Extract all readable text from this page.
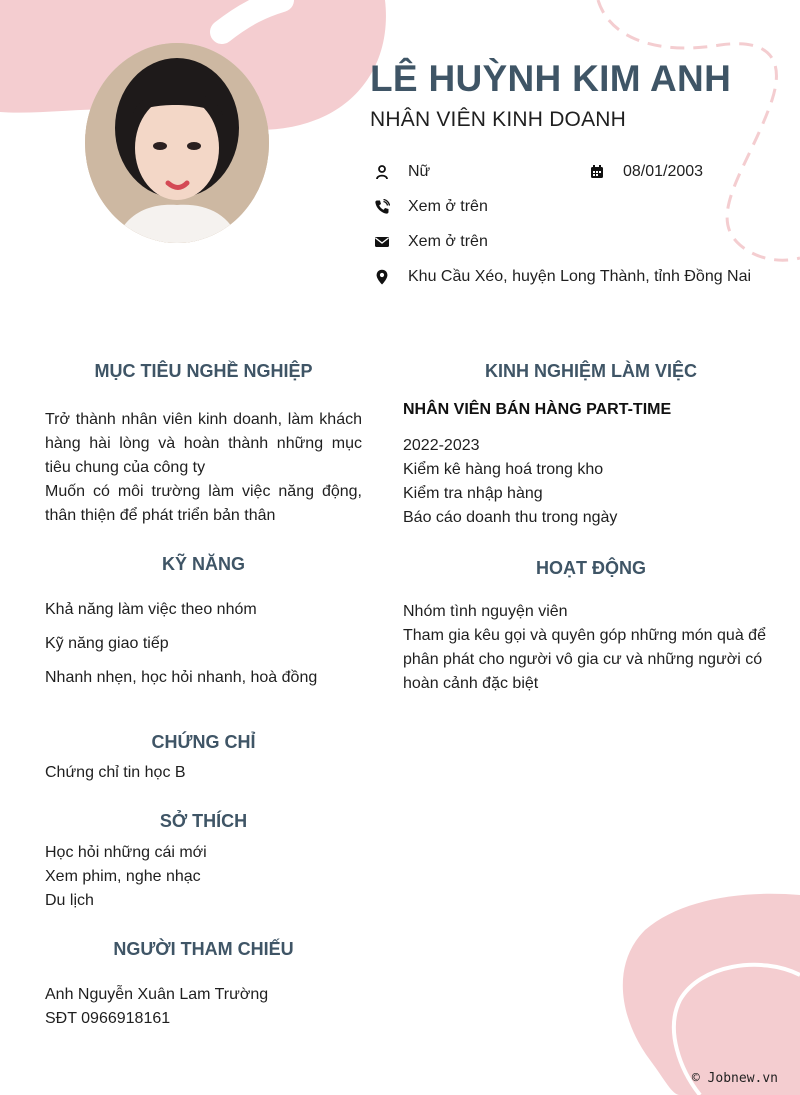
LÊ HUỲNH KIM ANH
NHÂN VIÊN KINH DOANH
Nữ	08/01/2003
Xem ở trên
Xem ở trên
Khu Cầu Xéo, huyện Long Thành, tỉnh Đồng Nai
MỤC TIÊU NGHỀ NGHIỆP
Trở thành nhân viên kinh doanh, làm khách hàng hài lòng và hoàn thành những mục tiêu chung của công ty
Muốn có môi trường làm việc năng động, thân thiện để phát triển bản thân
KỸ NĂNG
Khả năng làm việc theo nhóm
Kỹ năng giao tiếp
Nhanh nhẹn, học hỏi nhanh, hoà đồng
CHỨNG CHỈ
Chứng chỉ tin học B
SỞ THÍCH
Học hỏi những cái mới
Xem phim, nghe nhạc
Du lịch
NGƯỜI THAM CHIẾU
Anh Nguyễn Xuân Lam Trường
SĐT 0966918161
KINH NGHIỆM LÀM VIỆC
NHÂN VIÊN BÁN HÀNG PART-TIME
2022-2023
Kiểm kê hàng hoá trong kho
Kiểm tra nhập hàng
Báo cáo doanh thu trong ngày
HOẠT ĐỘNG
Nhóm tình nguyện viên
Tham gia kêu gọi và quyên góp những món quà để phân phát cho người vô gia cư và những người có hoàn cảnh đặc biệt
© Jobnew.vn
